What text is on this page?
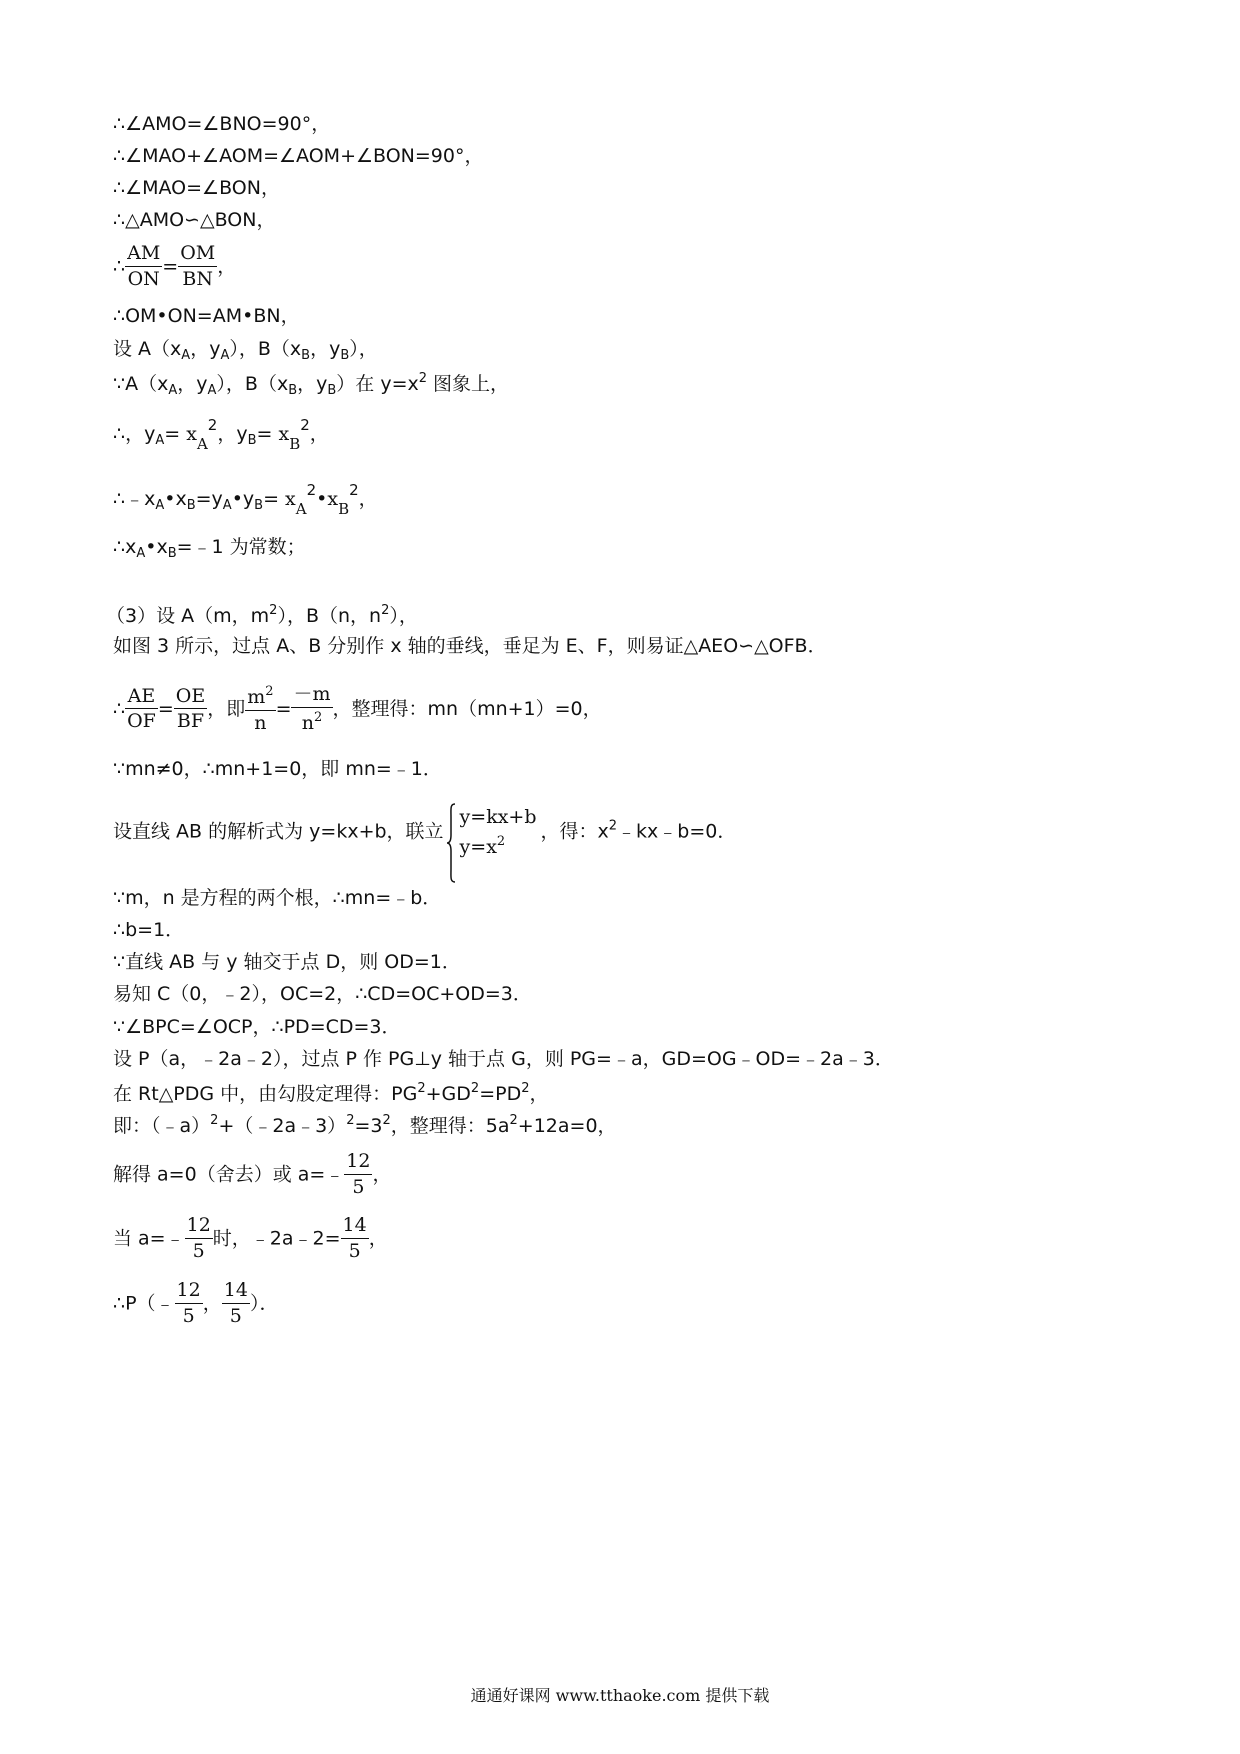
∴∠AMO=∠BNO=90°，
∴∠MAO+∠AOM=∠AOM+∠BON=90°，
∴∠MAO=∠BON，
∴△AMO∽△BON，
∴ $\frac{AM}{ON} = \frac{OM}{BN}$ ，
∴OM•ON=AM•BN，
设 $A(x_A$，$y_A$），$B(x_B$，$y_B$），
$\because A(x_A$，$y_A$），$B(x_B$，$y_B$）在 $y=x^2$ 图象上，
∴，$y_A= x_A^2$，$y_B= x_B^2$，
$\therefore﹣x_A•x_B=y_A•y_B=$ $x_A^2•x_B^2$，
$\therefore x_A•x_B=﹣1$ 为常数；
（3）设 A（m，$m^2$），B（n，$n^2$），
如图 3 所示，过点 A、B 分别作 x 轴的垂线，垂足为 E、F，则易证△AEO∽△OFB．
∴ $\frac{AE}{OF} = \frac{OE}{BF}$ ，即 $\frac{m^2}{n} = \frac{-m}{n^2}$ ，整理得：mn（mn+1）=0，
∵mn≠0，∴mn+1=0，即 mn=﹣1．
设直线 AB 的解析式为 y=kx+b，联立
y=kx+b
$y=x^2$	，得：$x^2﹣kx﹣b=0$．
∵m，n 是方程的两个根，∴mn=﹣b．
∴b=1．
∵直线 AB 与 y 轴交于点 D，则 OD=1．
易知 C（0，﹣2），OC=2，∴CD=OC+OD=3．
∵∠BPC=∠OCP，∴PD=CD=3．
设 P（a，﹣2a﹣2），过点 P 作 PG⊥y 轴于点 G，则 PG=﹣a，GD=OG﹣OD=﹣2a﹣3．
在 Rt△PDG 中，由勾股定理得：$PG^2+GD^2=PD^2$，
即：$(﹣a)^2+(﹣2a﹣3)^2=3^2$，整理得：$5a^2+12a=0$，
解得 a=0（舍去）或 a=﹣ $\frac{12}{5}$ ，
当 a=﹣ $\frac{12}{5}$ 时，﹣2a﹣2= $\frac{14}{5}$ ，
∴P（﹣ $\frac{12}{5}$ ， $\frac{14}{5}$ ）．
通通好课网 www.tthaoke.com 提供下载
